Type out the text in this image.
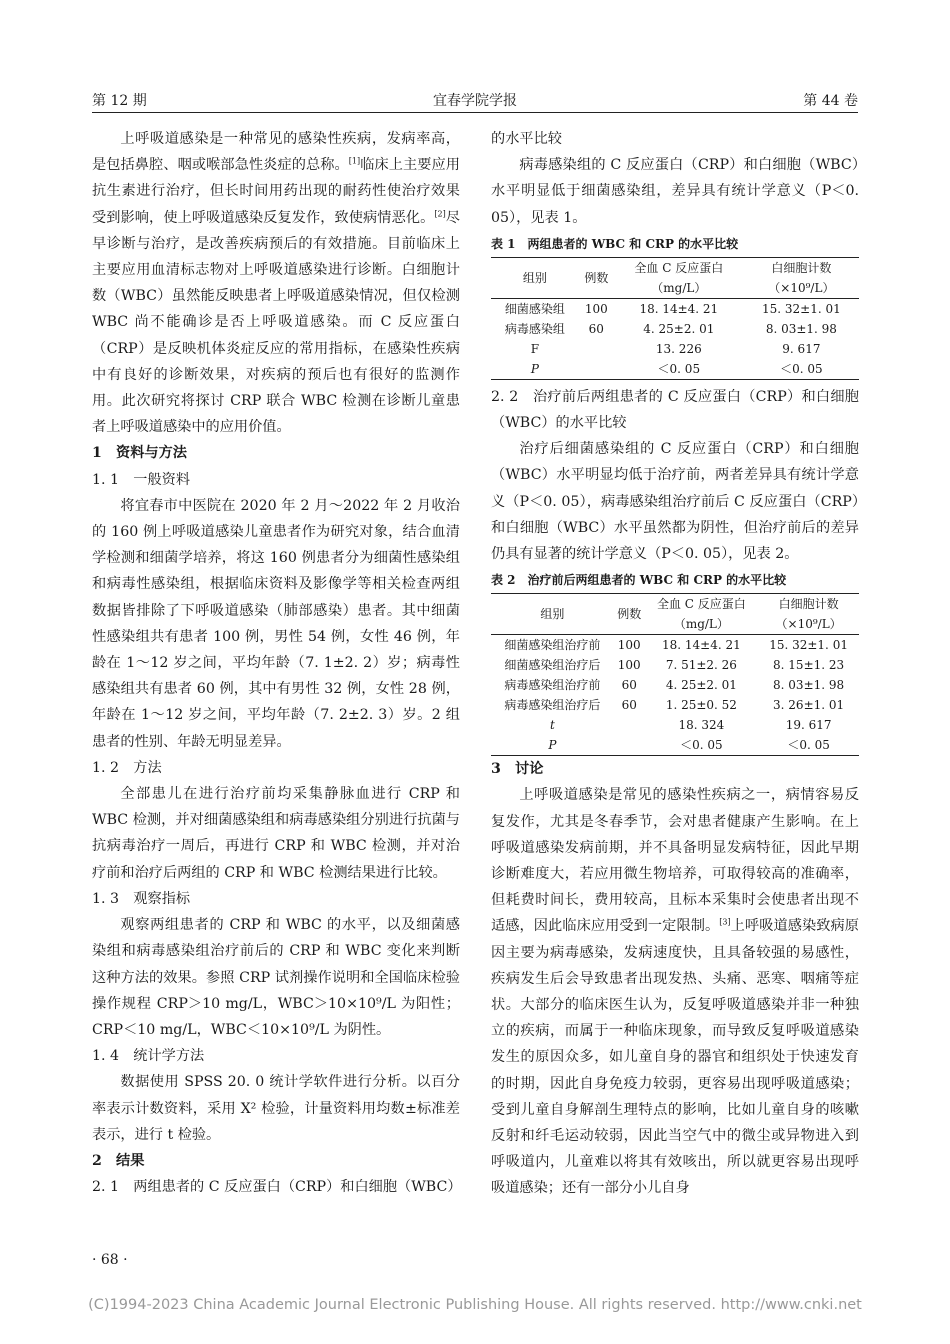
第 12 期	宜春学院学报	第 44 卷

上呼吸道感染是一种常见的感染性疾病，发病率高，是包括鼻腔、咽或喉部急性炎症的总称。[1]临床上主要应用抗生素进行治疗，但长时间用药出现的耐药性使治疗效果受到影响，使上呼吸道感染反复发作，致使病情恶化。[2]尽早诊断与治疗，是改善疾病预后的有效措施。目前临床上主要应用血清标志物对上呼吸道感染进行诊断。白细胞计数（WBC）虽然能反映患者上呼吸道感染情况，但仅检测 WBC 尚不能确诊是否上呼吸道感染。而 C 反应蛋白（CRP）是反映机体炎症反应的常用指标，在感染性疾病中有良好的诊断效果，对疾病的预后也有很好的监测作用。此次研究将探讨 CRP 联合 WBC 检测在诊断儿童患者上呼吸道感染中的应用价值。

1　资料与方法

1. 1　一般资料

将宜春市中医院在 2020 年 2 月～2022 年 2 月收治的 160 例上呼吸道感染儿童患者作为研究对象，结合血清学检测和细菌学培养，将这 160 例患者分为细菌性感染组和病毒性感染组，根据临床资料及影像学等相关检查两组数据皆排除了下呼吸道感染（肺部感染）患者。其中细菌性感染组共有患者 100 例，男性 54 例，女性 46 例，年龄在 1～12 岁之间，平均年龄（7. 1±2. 2）岁；病毒性感染组共有患者 60 例，其中有男性 32 例，女性 28 例，年龄在 1～12 岁之间，平均年龄（7. 2±2. 3）岁。2 组患者的性别、年龄无明显差异。

1. 2　方法

全部患儿在进行治疗前均采集静脉血进行 CRP 和 WBC 检测，并对细菌感染组和病毒感染组分别进行抗菌与抗病毒治疗一周后，再进行 CRP 和 WBC 检测，并对治疗前和治疗后两组的 CRP 和 WBC 检测结果进行比较。

1. 3　观察指标

观察两组患者的 CRP 和 WBC 的水平，以及细菌感染组和病毒感染组治疗前后的 CRP 和 WBC 变化来判断这种方法的效果。参照 CRP 试剂操作说明和全国临床检验操作规程 CRP＞10 mg/L，WBC＞10×10⁹/L 为阳性；CRP＜10 mg/L，WBC＜10×10⁹/L 为阴性。

1. 4　统计学方法

数据使用 SPSS 20. 0 统计学软件进行分析。以百分率表示计数资料，采用 X² 检验，计量资料用均数±标准差表示，进行 t 检验。

2　结果

2. 1　两组患者的 C 反应蛋白（CRP）和白细胞（WBC）

的水平比较

病毒感染组的 C 反应蛋白（CRP）和白细胞（WBC）水平明显低于细菌感染组，差异具有统计学意义（P＜0. 05），见表 1。

表 1　两组患者的 WBC 和 CRP 的水平比较

组别	例数	全血 C 反应蛋白	白细胞计数
		（mg/L）	（×10⁹/L）
细菌感染组	100	18. 14±4. 21	15. 32±1. 01
病毒感染组	60	4. 25±2. 01	8. 03±1. 98
F		13. 226	9. 617
P		＜0. 05	＜0. 05

2. 2　治疗前后两组患者的 C 反应蛋白（CRP）和白细胞（WBC）的水平比较

治疗后细菌感染组的 C 反应蛋白（CRP）和白细胞（WBC）水平明显均低于治疗前，两者差异具有统计学意义（P＜0. 05），病毒感染组治疗前后 C 反应蛋白（CRP）和白细胞（WBC）水平虽然都为阴性，但治疗前后的差异仍具有显著的统计学意义（P＜0. 05），见表 2。

表 2　治疗前后两组患者的 WBC 和 CRP 的水平比较

组别	例数	全血 C 反应蛋白	白细胞计数
		（mg/L）	（×10⁹/L）
细菌感染组治疗前	100	18. 14±4. 21	15. 32±1. 01
细菌感染组治疗后	100	7. 51±2. 26	8. 15±1. 23
病毒感染组治疗前	60	4. 25±2. 01	8. 03±1. 98
病毒感染组治疗后	60	1. 25±0. 52	3. 26±1. 01
t		18. 324	19. 617
P		＜0. 05	＜0. 05

3　讨论

上呼吸道感染是常见的感染性疾病之一，病情容易反复发作，尤其是冬春季节，会对患者健康产生影响。在上呼吸道感染发病前期，并不具备明显发病特征，因此早期诊断难度大，若应用微生物培养，可取得较高的准确率，但耗费时间长，费用较高，且标本采集时会使患者出现不适感，因此临床应用受到一定限制。[3]上呼吸道感染致病原因主要为病毒感染，发病速度快，且具备较强的易感性，疾病发生后会导致患者出现发热、头痛、恶寒、咽痛等症状。大部分的临床医生认为，反复呼吸道感染并非一种独立的疾病，而属于一种临床现象，而导致反复呼吸道感染发生的原因众多，如儿童自身的器官和组织处于快速发育的时期，因此自身免疫力较弱，更容易出现呼吸道感染；受到儿童自身解剖生理特点的影响，比如儿童自身的咳嗽反射和纤毛运动较弱，因此当空气中的微尘或异物进入到呼吸道内，儿童难以将其有效咳出，所以就更容易出现呼吸道感染；还有一部分小儿自身

· 68 ·
(C)1994-2023 China Academic Journal Electronic Publishing House. All rights reserved. http://www.cnki.net
